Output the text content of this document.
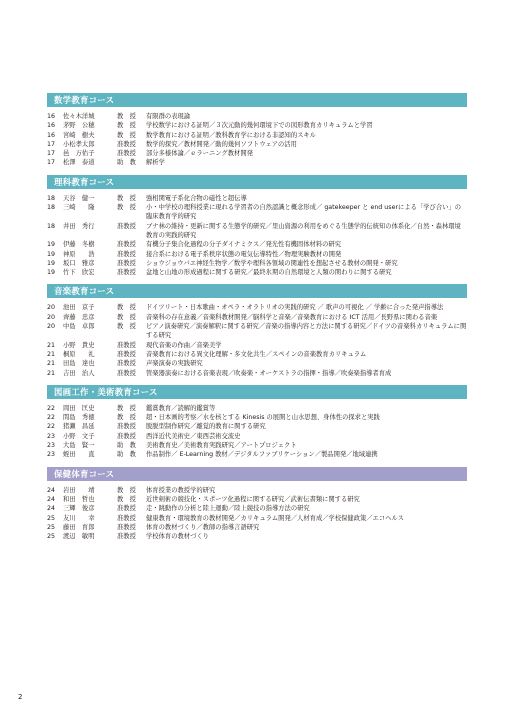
数学教育コース
16	佐々木洋城	教　授	有限群の表現論
16	茅野　公穂	教　授	学校数学における証明／３次元動的幾何環境下での図形教育カリキュラムと学習
16	宮崎　樹夫	教　授	数学教育における証明／教科教育学における非認知的スキル
17	小松孝太郎	准教授	数学的探究／教材開発／動的幾何ソフトウェアの活用
17	邑　万佑子	准教授	部分多様体論／ｅラーニング教材開発
17	松澤　泰道	助　教	解析学
理科教育コース
18	天谷　健一	教　授	強相関電子系化合物の磁性と超伝導
18	三崎　　隆	教　授	小・中学校の理科授業に現れる学習者の自然認識と概念形成／ gatekeeper と end userによる「学び合い」の臨床教育学的研究
18	井田　秀行	准教授	ブナ林の維持・更新に関する生態学的研究／里山資源の利用をめぐる生態学的伝統知の体系化／自然・森林環境教育の実践的研究
19	伊藤　冬樹	准教授	有機分子集合化過程の分子ダイナミクス／発光性有機固体材料の研究
19	神原　　浩	准教授	接合系における電子系秩序状態の電気伝導特性／物理実験教材の開発
19	坂口　雅彦	准教授	ショウジョウバエ神経生物学／数学や理科各領域の関連性を想起させる教材の開発・研究
19	竹下　欣宏	准教授	盆地と山地の形成過程に関する研究／最終氷期の自然環境と人類の関わりに関する研究
音楽教育コース
20	池田　京子	教　授	ドイツリート・日本歌曲・オペラ・オラトリオの実践的研究 ／ 歌声の可視化 ／ 学齢に合った発声指導法
20	齊藤　忠彦	教　授	音楽科の存在意義／音楽科教材開発／脳科学と音楽／音楽教育における ICT 活用／長野県に関わる音楽
20	中島　卓郎	教　授	ピアノ演奏研究／演奏解釈に関する研究／音楽の指導内容と方法に関する研究／ドイツの音楽科カリキュラムに関する研究
21	小野　貴史	准教授	現代音楽の作曲／音楽美学
21	桐原　　礼	准教授	音楽教育における異文化理解・多文化共生／スペインの音楽教育カリキュラム
21	田島　達也	准教授	声楽演奏の実践研究
21	吉田　治人	准教授	管楽器演奏における音楽表現／吹奏楽・オーケストラの指揮・指導／吹奏楽指導者育成
図画工作・美術教育コース
22	岡田　匡史	教　授	鑑賞教育／読解的鑑賞等
22	間島　秀徳	教　授	超・日本画的考察／水を核とする Kinesis の展開と山水思想、身体性の探求と実践
22	猪瀬　昌延	准教授	脱脱型制作研究／離覚的教育に関する研究
23	小野　文子	准教授	西洋近代美術史／東西芸術交流史
23	大島　賢一	助　教	美術教育史／美術教育実践研究／アートプロジェクト
23	蛭田　　直	助　教	作品制作／ E-Learning 教材／デジタルファブリケーション／製品開発／地域連携
保健体育コース
24	岩田　　靖	教　授	体育授業の教授学的研究
24	和田　哲也	教　授	近世剣術の競技化・スポーツ化過程に関する研究／武術伝書類に関する研究
24	三輝　俊彦	准教授	走・跳動作の分析と陸上運動／陸上競技の指導方法の研究
25	友川　　幸	准教授	健康教育・環境教育の教材開発／カリキュラム開発／人材育成／学校保健政策／エコヘルス
25	藤田　育郎	准教授	体育の教材づくり／教師の指導言語研究
25	渡辺　敏明	准教授	学校体育の教材づくり
2
